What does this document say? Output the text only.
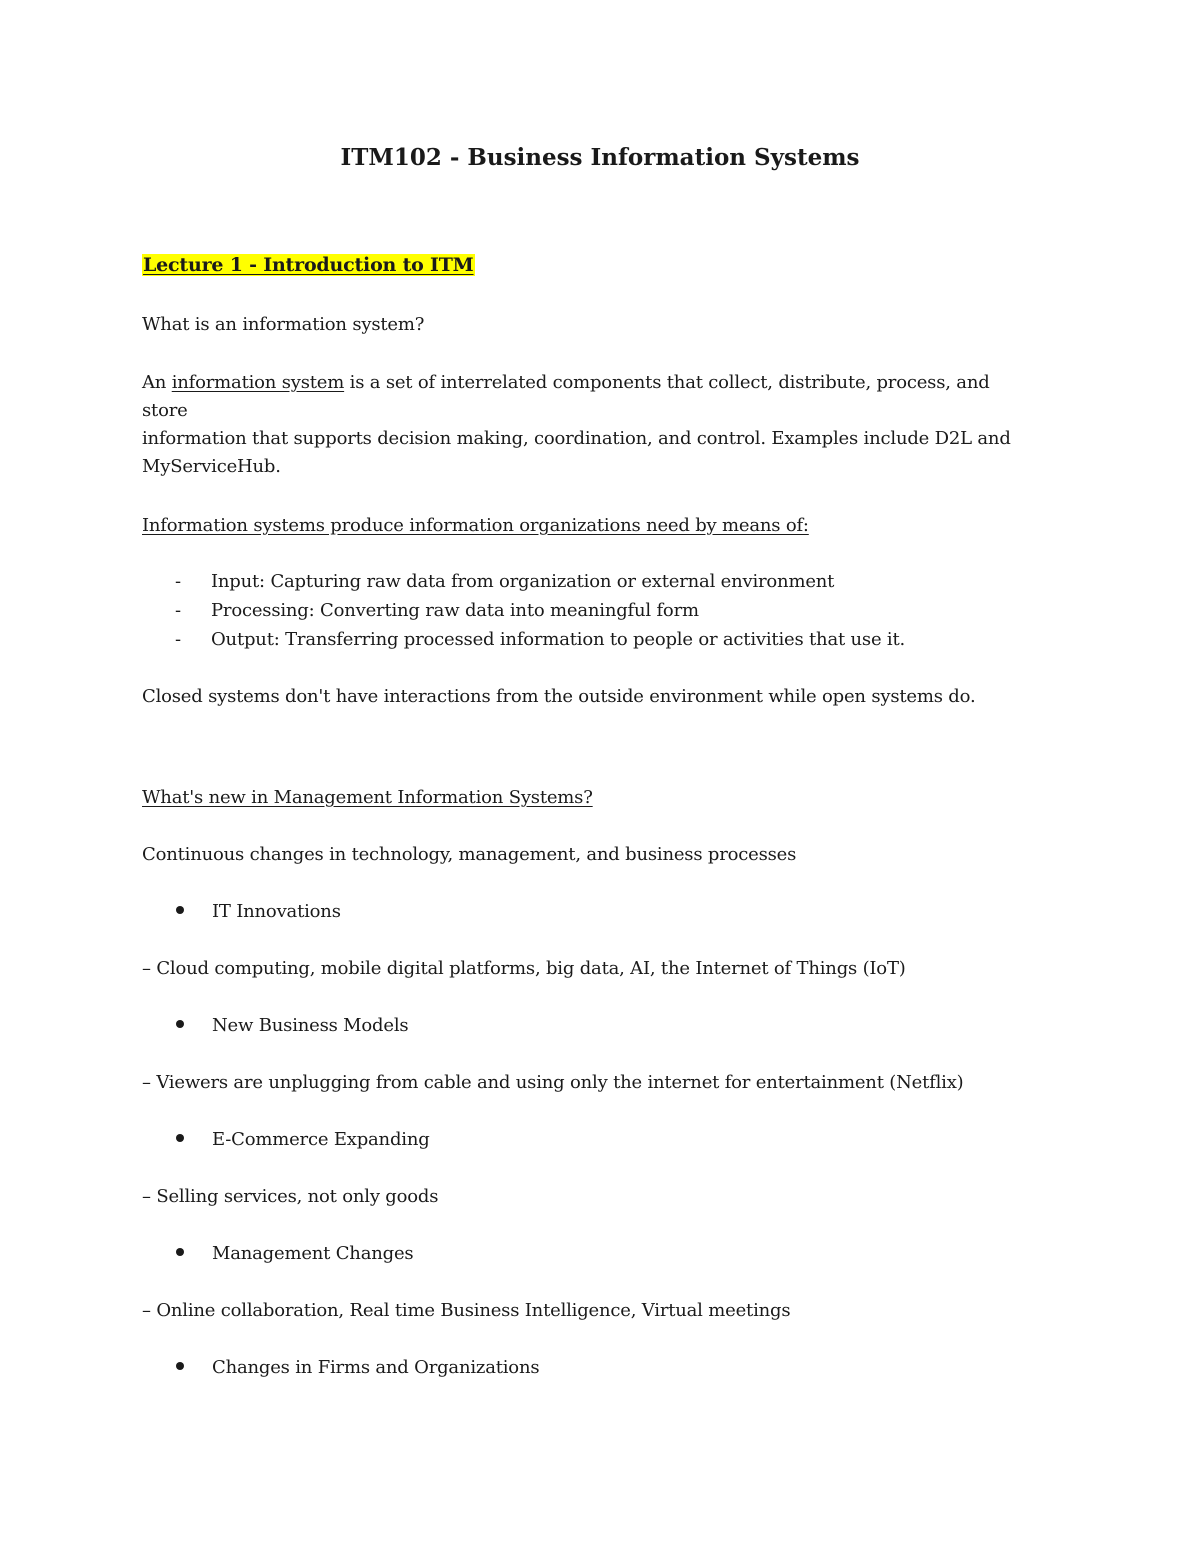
ITM102 - Business Information Systems
Lecture 1 - Introduction to ITM
What is an information system?
An information system is a set of interrelated components that collect, distribute, process, and store
information that supports decision making, coordination, and control. Examples include D2L and
MyServiceHub.
Information systems produce information organizations need by means of:
- Input: Capturing raw data from organization or external environment
- Processing: Converting raw data into meaningful form
- Output: Transferring processed information to people or activities that use it.
Closed systems don't have interactions from the outside environment while open systems do.
What's new in Management Information Systems?
Continuous changes in technology, management, and business processes
IT Innovations
– Cloud computing, mobile digital platforms, big data, AI, the Internet of Things (IoT)
New Business Models
– Viewers are unplugging from cable and using only the internet for entertainment (Netflix)
E-Commerce Expanding
– Selling services, not only goods
Management Changes
– Online collaboration, Real time Business Intelligence, Virtual meetings
Changes in Firms and Organizations
